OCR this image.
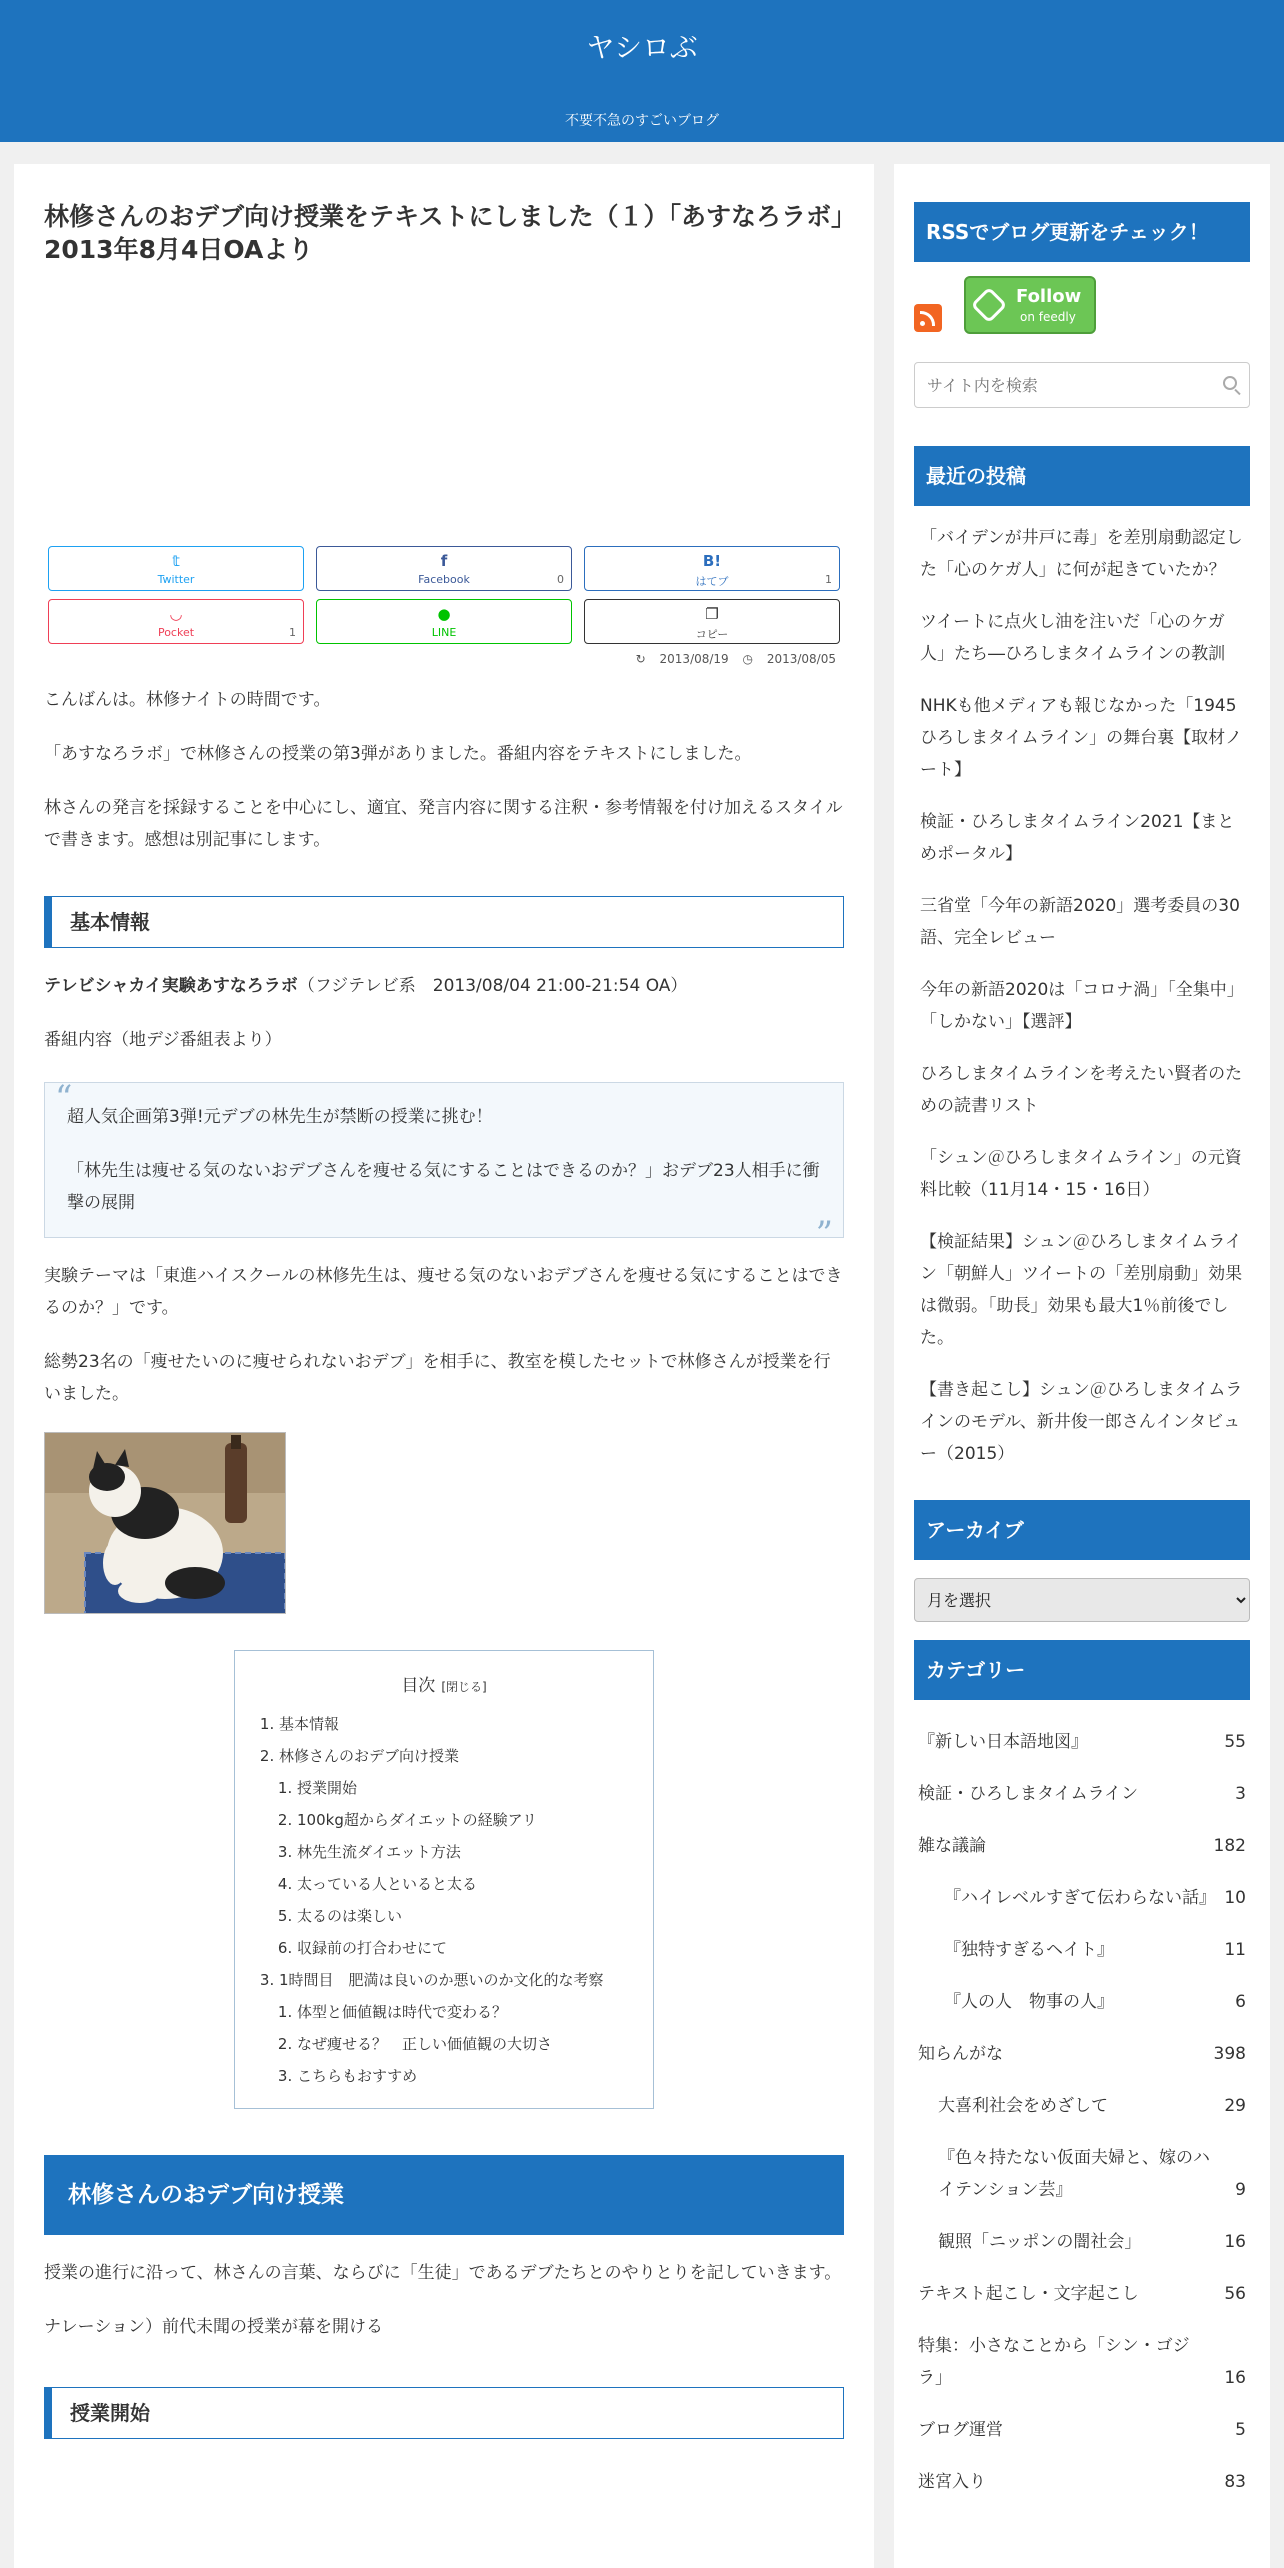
ヤシロぶ
不要不急のすごいブログ
林修さんのおデブ向け授業をテキストにしました（１）「あすなろラボ」2013年8月4日OAより
𝕥
Twitter
f
Facebook	0
B!
はてブ	1
◡
Pocket	1
●
LINE
❐
コピー
↻ 2013/08/19 ◷ 2013/08/05

こんばんは。林修ナイトの時間です。

「あすなろラボ」で林修さんの授業の第3弾がありました。番組内容をテキストにしました。

林さんの発言を採録することを中心にし、適宜、発言内容に関する注釈・参考情報を付け加えるスタイルで書きます。感想は別記事にします。

基本情報

テレビシャカイ実験あすなろラボ（フジテレビ系　2013/08/04 21:00-21:54 OA）

番組内容（地デジ番組表より）

“

超人気企画第3弾!元デブの林先生が禁断の授業に挑む！

「林先生は痩せる気のないおデブさんを痩せる気にすることはできるのか？」おデブ23人相手に衝撃の展開

”

実験テーマは「東進ハイスクールの林修先生は、痩せる気のないおデブさんを痩せる気にすることはできるのか？」です。

総勢23名の「痩せたいのに痩せられないおデブ」を相手に、教室を模したセットで林修さんが授業を行いました。

目次 [閉じる]
1. 基本情報
2. 林修さんのおデブ向け授業
1. 授業開始
2. 100kg超からダイエットの経験アリ
3. 林先生流ダイエット方法
4. 太っている人といると太る
5. 太るのは楽しい
6. 収録前の打合わせにて
3. 1時間目　肥満は良いのか悪いのか文化的な考察
1. 体型と価値観は時代で変わる？
2. なぜ痩せる？　正しい価値観の大切さ
3. こちらもおすすめ
林修さんのおデブ向け授業

授業の進行に沿って、林さんの言葉、ならびに「生徒」であるデブたちとのやりとりを記していきます。

ナレーション）前代未聞の授業が幕を開ける

授業開始
RSSでブログ更新をチェック！
Follow
on feedly
サイト内を検索
最近の投稿
「バイデンが井戸に毒」を差別扇動認定した「心のケガ人」に何が起きていたか？
ツイートに点火し油を注いだ「心のケガ人」たち―ひろしまタイムラインの教訓
NHKも他メディアも報じなかった「1945ひろしまタイムライン」の舞台裏【取材ノート】
検証・ひろしまタイムライン2021【まとめポータル】
三省堂「今年の新語2020」選考委員の30語、完全レビュー
今年の新語2020は「コロナ渦」「全集中」「しかない」【選評】
ひろしまタイムラインを考えたい賢者のための読書リスト
「シュン＠ひろしまタイムライン」の元資料比較（11月14・15・16日）
【検証結果】シュン＠ひろしまタイムライン「朝鮮人」ツイートの「差別扇動」効果は微弱。「助長」効果も最大1％前後でした。
【書き起こし】シュン＠ひろしまタイムラインのモデル、新井俊一郎さんインタビュー（2015）
アーカイブ
月を選択
カテゴリー
『新しい日本語地図』	55
検証・ひろしまタイムライン	3
雑な議論	182
『ハイレベルすぎて伝わらない話』 10
『独特すぎるヘイト』	11
『人の人　物事の人』	6
知らんがな	398
大喜利社会をめざして	29
『色々持たない仮面夫婦と、嫁のハイテンション芸』	9
観照「ニッポンの闇社会」	16
テキスト起こし・文字起こし	56
特集：小さなことから「シン・ゴジラ」	16
ブログ運営	5
迷宮入り	83
